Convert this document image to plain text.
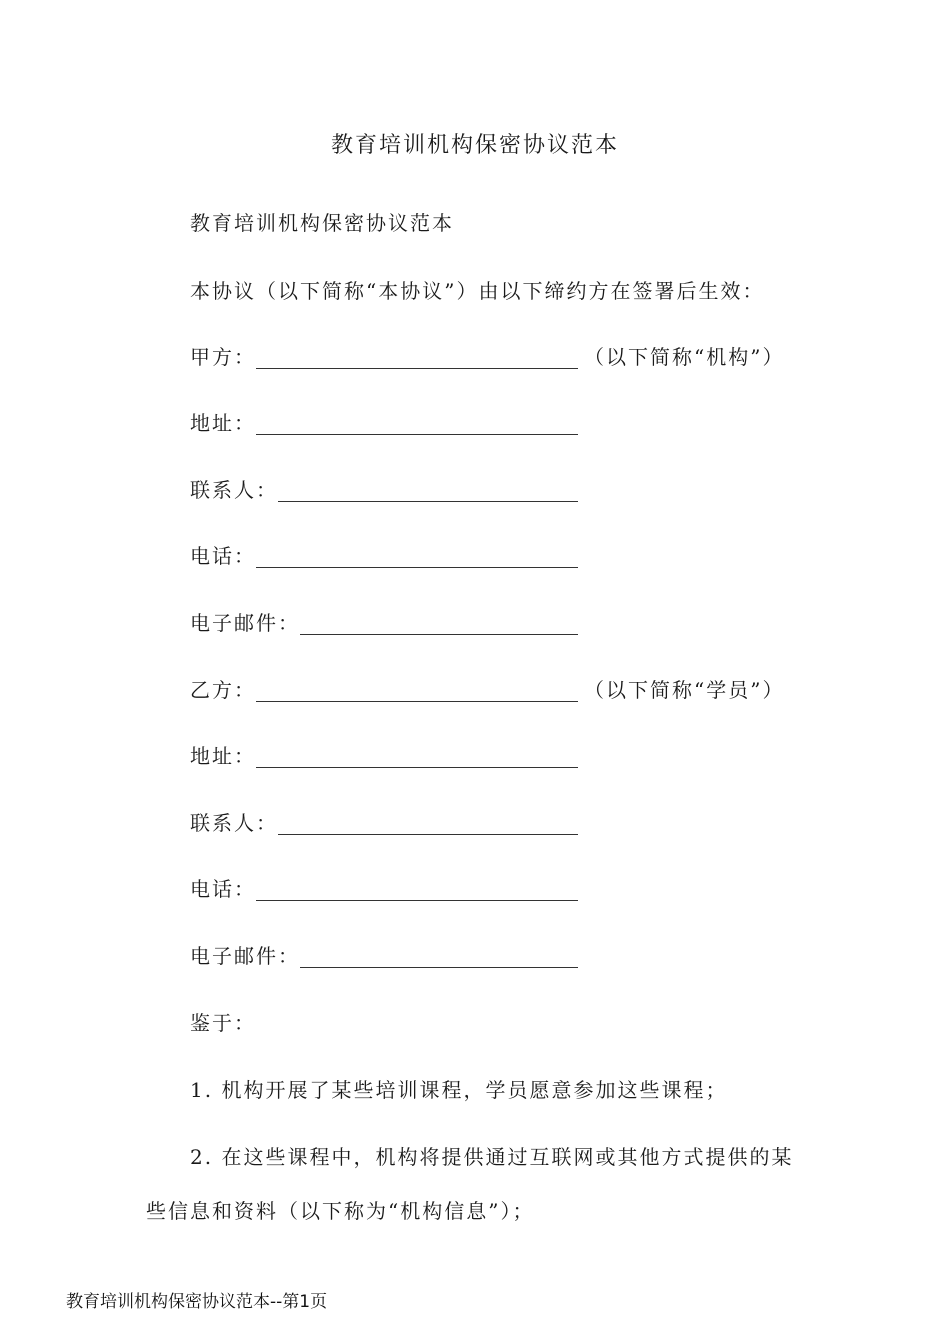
教育培训机构保密协议范本
教育培训机构保密协议范本
本协议（以下简称“本协议”）由以下缔约方在签署后生效：
甲方：	（以下简称“机构”）
地址：
联系人：
电话：
电子邮件：
乙方：	（以下简称“学员”）
地址：
联系人：
电话：
电子邮件：
鉴于：
1. 机构开展了某些培训课程，学员愿意参加这些课程；
2. 在这些课程中，机构将提供通过互联网或其他方式提供的某些信息和资料（以下称为“机构信息”）；
教育培训机构保密协议范本--第1页
